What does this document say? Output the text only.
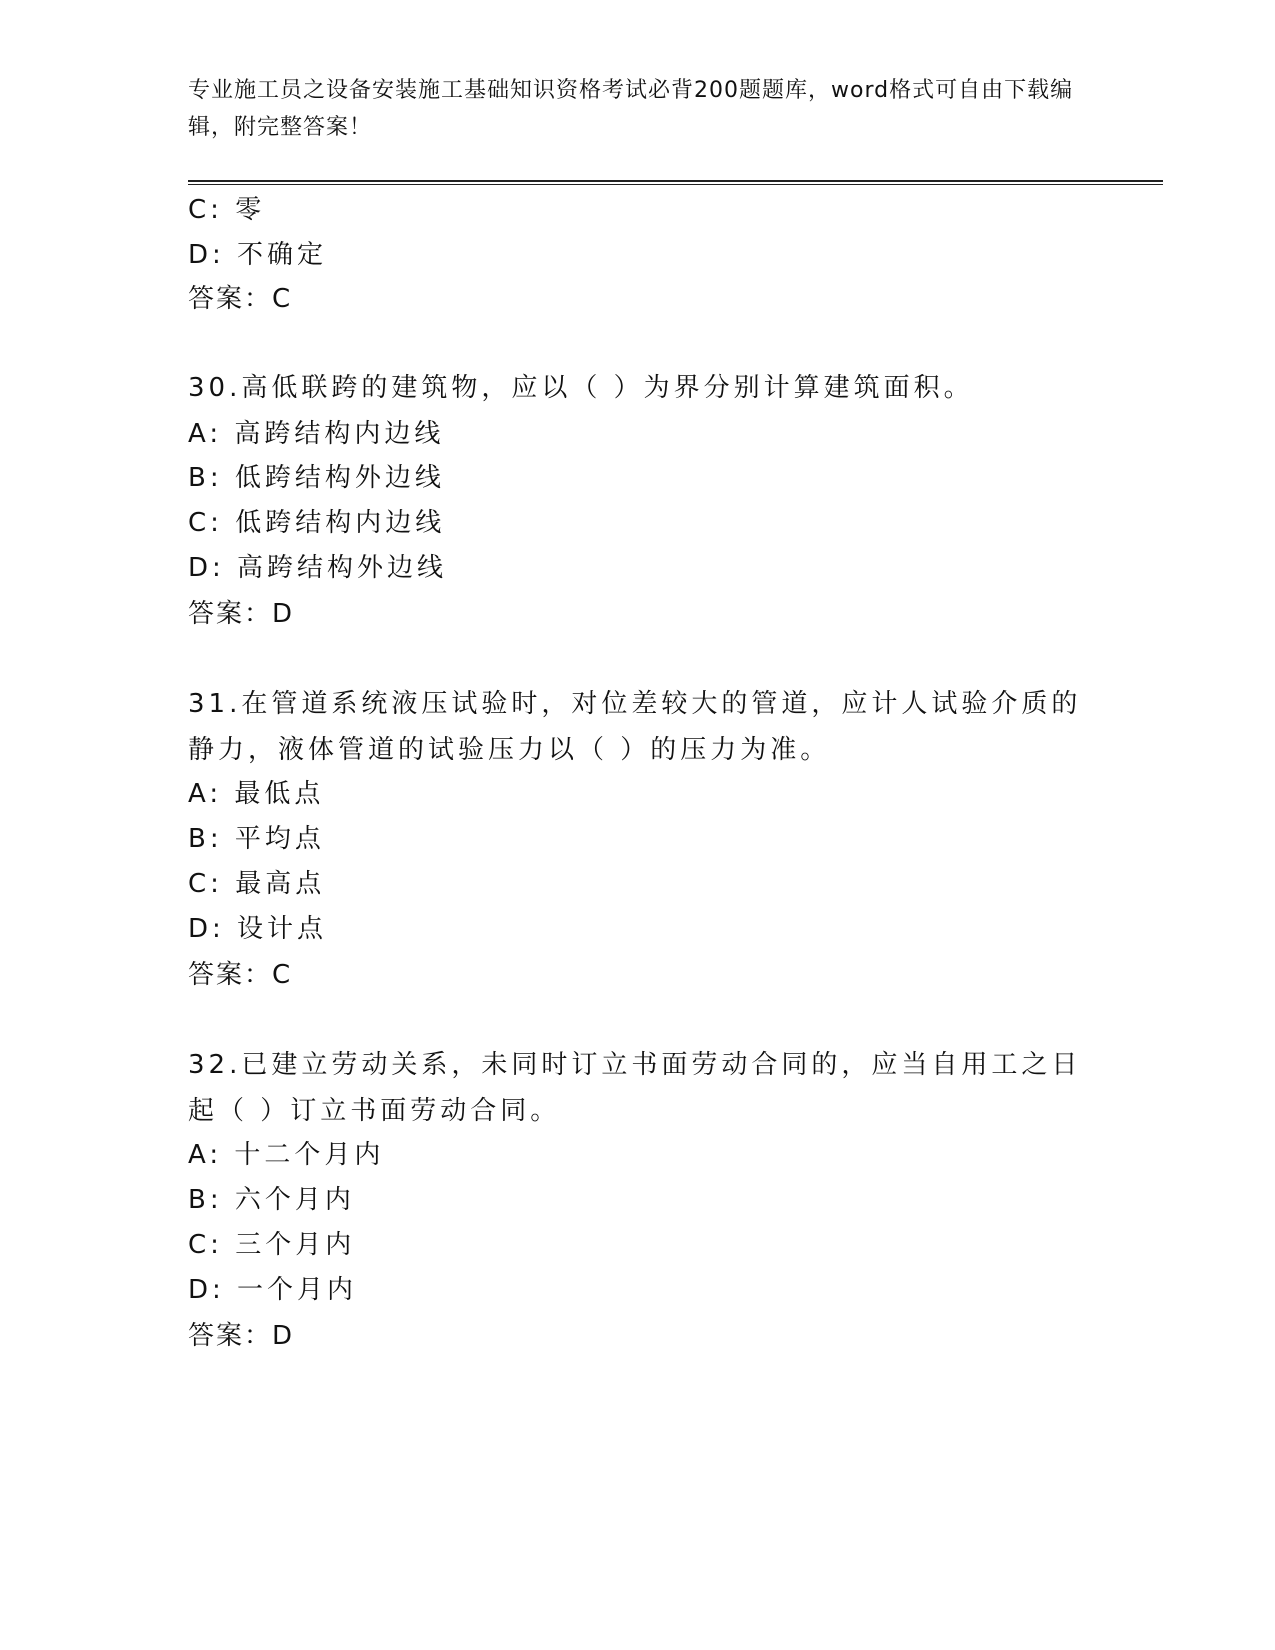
专业施工员之设备安装施工基础知识资格考试必背200题题库，word格式可自由下载编辑，附完整答案！
C: 零
D: 不确定
答案：C
30.高低联跨的建筑物，应以（ ）为界分别计算建筑面积。
A: 高跨结构内边线
B: 低跨结构外边线
C: 低跨结构内边线
D: 高跨结构外边线
答案：D
31.在管道系统液压试验时，对位差较大的管道，应计人试验介质的静力，液体管道的试验压力以（ ）的压力为准。
A: 最低点
B: 平均点
C: 最高点
D: 设计点
答案：C
32.已建立劳动关系，未同时订立书面劳动合同的，应当自用工之日起（ ）订立书面劳动合同。
A: 十二个月内
B: 六个月内
C: 三个月内
D: 一个月内
答案：D
